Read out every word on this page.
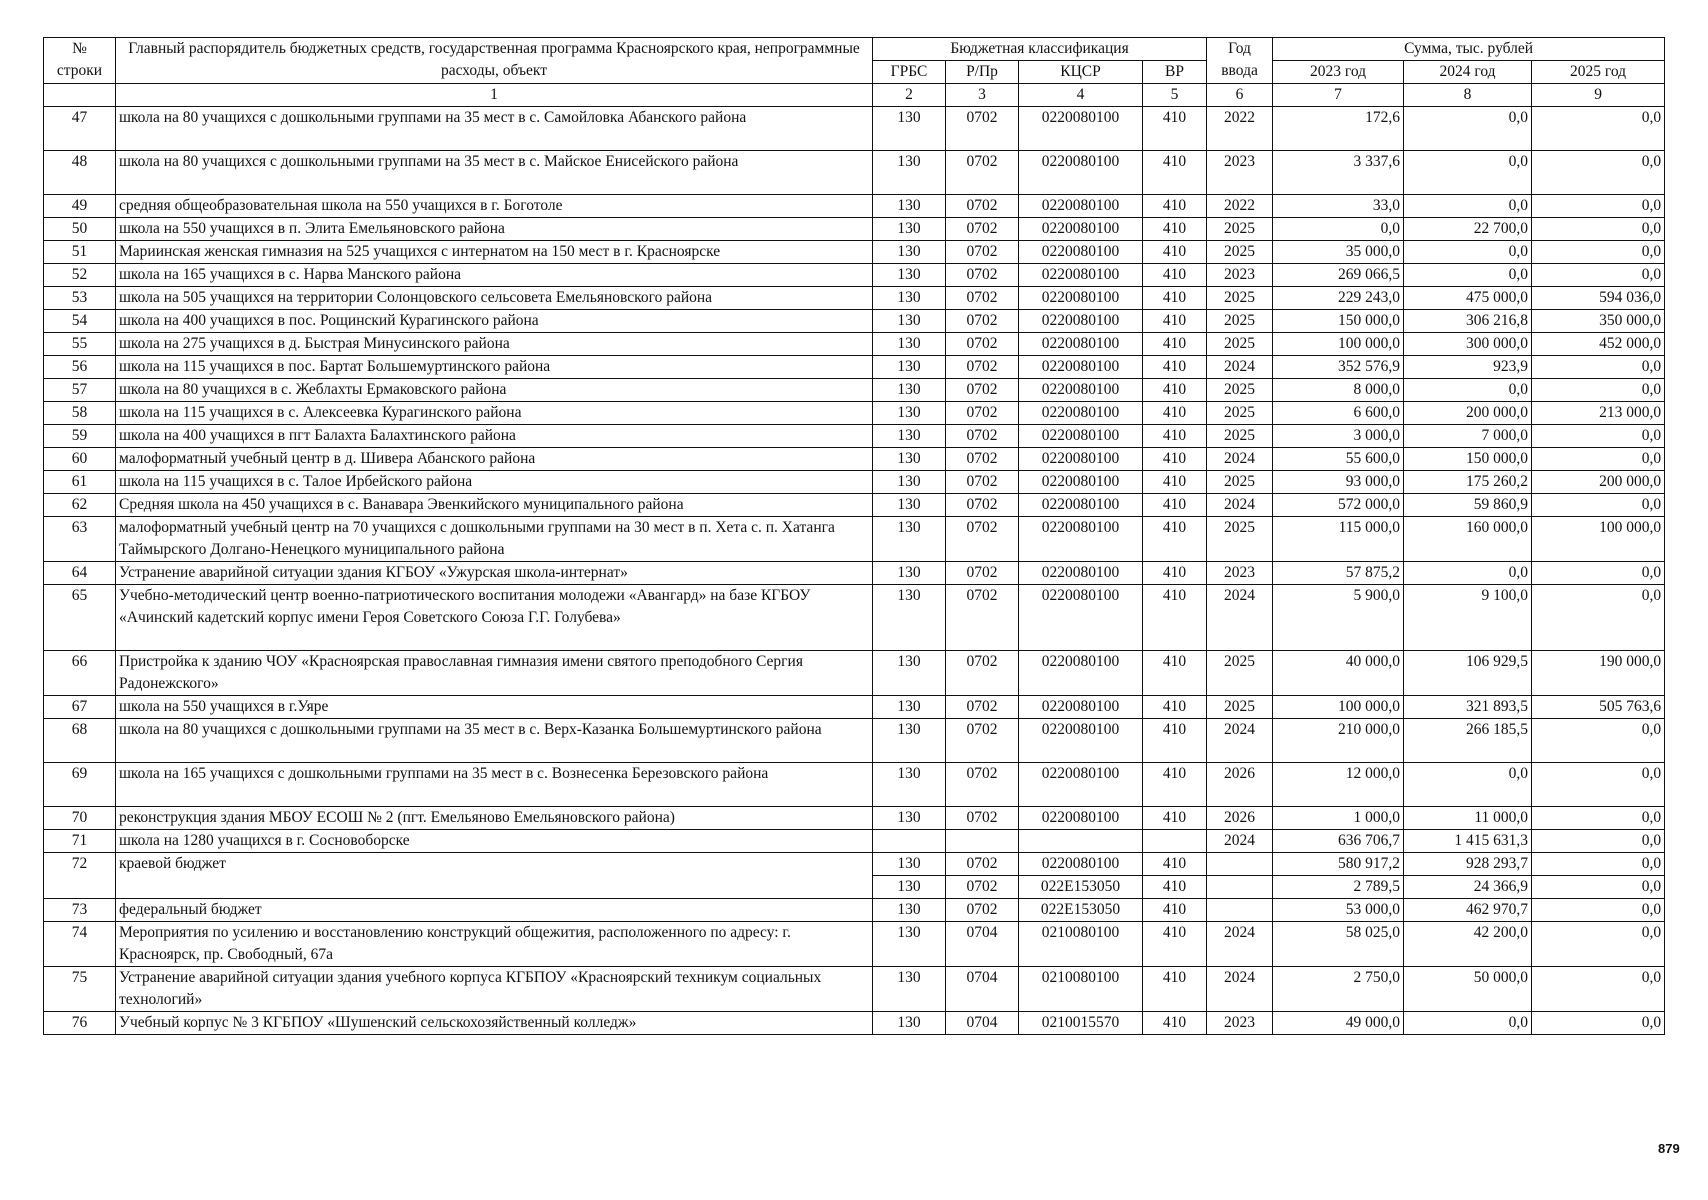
№
строки	Главный распорядитель бюджетных средств, государственная программа Красноярского края, непрограммные расходы, объект	Бюджетная классификация				Год ввода	Сумма, тыс. рублей		
		ГРБС	Р/Пр	КЦСР	ВР		2023 год	2024 год	2025 год
	1	2	3	4	5	6	7	8	9
47	школа на 80 учащихся с дошкольными группами на 35 мест в с. Самойловка Абанского района	130	0702	0220080100	410	2022	172,6	0,0	0,0
48	школа на 80 учащихся с дошкольными группами на 35 мест в с. Майское Енисейского района	130	0702	0220080100	410	2023	3 337,6	0,0	0,0
49	средняя общеобразовательная школа на 550 учащихся в г. Боготоле	130	0702	0220080100	410	2022	33,0	0,0	0,0
50	школа на 550 учащихся в п. Элита Емельяновского района	130	0702	0220080100	410	2025	0,0	22 700,0	0,0
51	Мариинская женская гимназия на 525 учащихся с интернатом на 150 мест в г. Красноярске	130	0702	0220080100	410	2025	35 000,0	0,0	0,0
52	школа на 165 учащихся в с. Нарва Манского района	130	0702	0220080100	410	2023	269 066,5	0,0	0,0
53	школа на 505 учащихся на территории Солонцовского сельсовета Емельяновского района	130	0702	0220080100	410	2025	229 243,0	475 000,0	594 036,0
54	школа на 400 учащихся в пос. Рощинский Курагинского района	130	0702	0220080100	410	2025	150 000,0	306 216,8	350 000,0
55	школа на 275 учащихся в д. Быстрая Минусинского района	130	0702	0220080100	410	2025	100 000,0	300 000,0	452 000,0
56	школа на 115 учащихся в пос. Бартат Большемуртинского района	130	0702	0220080100	410	2024	352 576,9	923,9	0,0
57	школа на 80 учащихся в с. Жеблахты Ермаковского района	130	0702	0220080100	410	2025	8 000,0	0,0	0,0
58	школа на 115 учащихся в с. Алексеевка Курагинского района	130	0702	0220080100	410	2025	6 600,0	200 000,0	213 000,0
59	школа на 400 учащихся в пгт Балахта Балахтинского района	130	0702	0220080100	410	2025	3 000,0	7 000,0	0,0
60	малоформатный учебный центр в д. Шивера Абанского района	130	0702	0220080100	410	2024	55 600,0	150 000,0	0,0
61	школа на 115 учащихся в с. Талое Ирбейского района	130	0702	0220080100	410	2025	93 000,0	175 260,2	200 000,0
62	Средняя школа на 450 учащихся в с. Ванавара Эвенкийского муниципального района	130	0702	0220080100	410	2024	572 000,0	59 860,9	0,0
63	малоформатный учебный центр на 70 учащихся с дошкольными группами на 30 мест в п. Хета с. п. Хатанга Таймырского Долгано-Ненецкого муниципального района	130	0702	0220080100	410	2025	115 000,0	160 000,0	100 000,0
64	Устранение аварийной ситуации здания КГБОУ «Ужурская школа-интернат»	130	0702	0220080100	410	2023	57 875,2	0,0	0,0
65	Учебно-методический центр военно-патриотического воспитания молодежи «Авангард» на базе КГБОУ «Ачинский кадетский корпус имени Героя Советского Союза Г.Г. Голубева»	130	0702	0220080100	410	2024	5 900,0	9 100,0	0,0
66	Пристройка к зданию ЧОУ «Красноярская православная гимназия имени святого преподобного Сергия Радонежского»	130	0702	0220080100	410	2025	40 000,0	106 929,5	190 000,0
67	школа на 550 учащихся в г.Уяре	130	0702	0220080100	410	2025	100 000,0	321 893,5	505 763,6
68	школа на 80 учащихся с дошкольными группами на 35 мест в с. Верх-Казанка Большемуртинского района	130	0702	0220080100	410	2024	210 000,0	266 185,5	0,0
69	школа на 165 учащихся с дошкольными группами на 35 мест в с. Вознесенка Березовского района	130	0702	0220080100	410	2026	12 000,0	0,0	0,0
70	реконструкция здания МБОУ ЕСОШ № 2 (пгт. Емельяново Емельяновского района)	130	0702	0220080100	410	2026	1 000,0	11 000,0	0,0
71	школа на 1280 учащихся в г. Сосновоборске					2024	636 706,7	1 415 631,3	0,0
72	краевой бюджет	130	0702	0220080100	410		580 917,2	928 293,7	0,0
		130	0702	022E153050	410		2 789,5	24 366,9	0,0
73	федеральный бюджет	130	0702	022E153050	410		53 000,0	462 970,7	0,0
74	Мероприятия по усилению и восстановлению конструкций общежития, расположенного по адресу: г. Красноярск, пр. Свободный, 67а	130	0704	0210080100	410	2024	58 025,0	42 200,0	0,0
75	Устранение аварийной ситуации здания учебного корпуса КГБПОУ «Красноярский техникум социальных технологий»	130	0704	0210080100	410	2024	2 750,0	50 000,0	0,0
76	Учебный корпус № 3 КГБПОУ «Шушенский сельскохозяйственный колледж»	130	0704	0210015570	410	2023	49 000,0	0,0	0,0
879
